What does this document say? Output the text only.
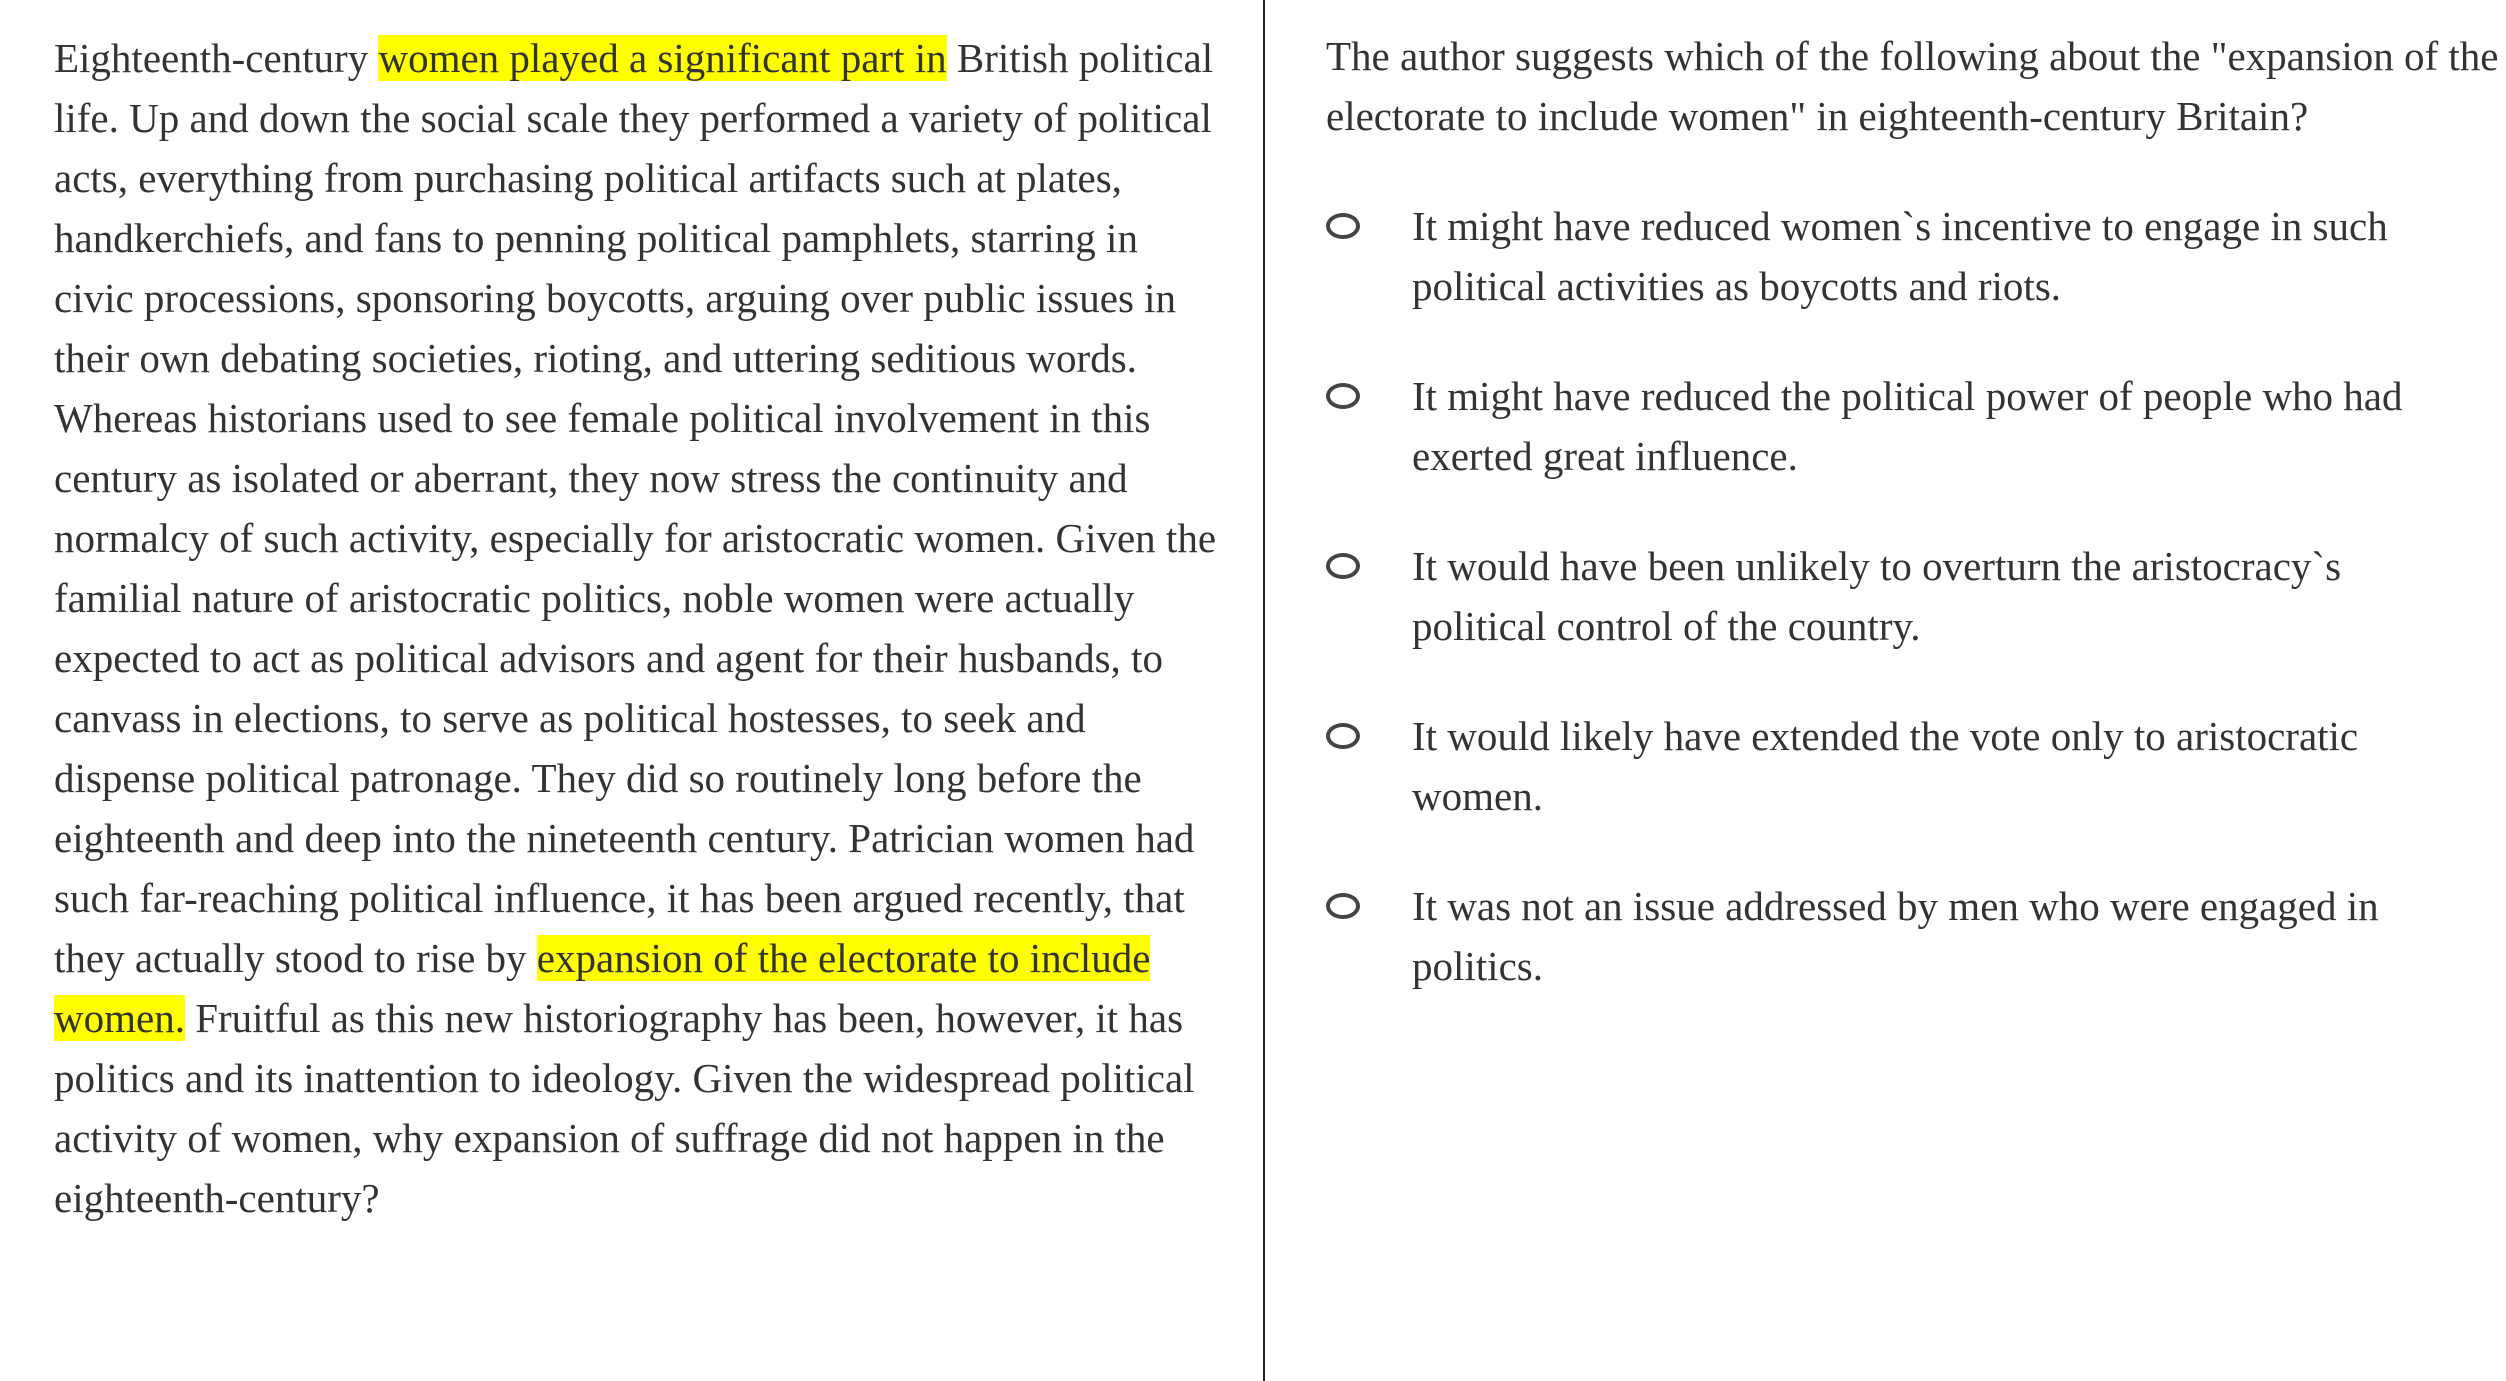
Eighteenth-century women played a significant part in British political life. Up and down the social scale they performed a variety of political acts, everything from purchasing political artifacts such at plates, handkerchiefs, and fans to penning political pamphlets, starring in civic processions, sponsoring boycotts, arguing over public issues in their own debating societies, rioting, and uttering seditious words. Whereas historians used to see female political involvement in this century as isolated or aberrant, they now stress the continuity and normalcy of such activity, especially for aristocratic women. Given the familial nature of aristocratic politics, noble women were actually expected to act as political advisors and agent for their husbands, to canvass in elections, to serve as political hostesses, to seek and dispense political patronage. They did so routinely long before the eighteenth and deep into the nineteenth century. Patrician women had such far-reaching political influence, it has been argued recently, that they actually stood to rise by expansion of the electorate to include women. Fruitful as this new historiography has been, however, it has politics and its inattention to ideology. Given the widespread political activity of women, why expansion of suffrage did not happen in the eighteenth-century?

The author suggests which of the following about the "expansion of the electorate to include women" in eighteenth-century Britain?

It might have reduced women`s incentive to engage in such political activities as boycotts and riots.
It might have reduced the political power of people who had exerted great influence.
It would have been unlikely to overturn the aristocracy`s political control of the country.
It would likely have extended the vote only to aristocratic women.
It was not an issue addressed by men who were engaged in politics.
